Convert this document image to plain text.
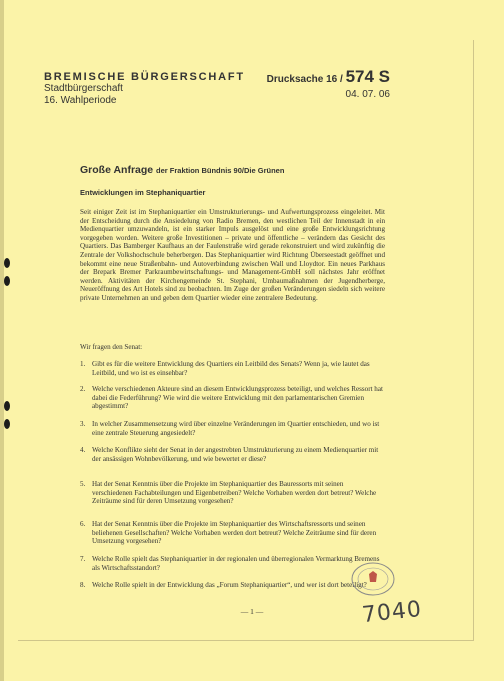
BREMISCHE BÜRGERSCHAFT
Stadtbürgerschaft
16. Wahlperiode
Drucksache 16 / 574 S
04. 07. 06
Große Anfrage der Fraktion Bündnis 90/Die Grünen
Entwicklungen im Stephaniquartier
Seit einiger Zeit ist im Stephaniquartier ein Umstrukturierungs- und Aufwertungsprozess eingeleitet. Mit der Entscheidung durch die Ansiedelung von Radio Bremen, den westlichen Teil der Innenstadt in ein Medienquartier umzuwandeln, ist ein starker Impuls ausgelöst und eine große Entwicklungsrichtung vorgegeben worden. Weitere große Investitionen – private und öffentliche – verändern das Gesicht des Quartiers. Das Bamberger Kaufhaus an der Faulenstraße wird gerade rekonstruiert und wird zukünftig die Zentrale der Volkshochschule beherbergen. Das Stephaniquartier wird Richtung Überseestadt geöffnet und bekommt eine neue Straßenbahn- und Autoverbindung zwischen Wall und Lloydtor. Ein neues Parkhaus der Brepark Bremer Parkraumbewirtschaftungs- und Management-GmbH soll nächstes Jahr eröffnet werden. Aktivitäten der Kirchengemeinde St. Stephani, Umbaumaßnahmen der Jugendherberge, Neueröffnung des Art Hotels sind zu beobachten. Im Zuge der großen Veränderungen siedeln sich weitere private Unternehmen an und geben dem Quartier wieder eine zentralere Bedeutung.
Wir fragen den Senat:
1. Gibt es für die weitere Entwicklung des Quartiers ein Leitbild des Senats? Wenn ja, wie lautet das Leitbild, und wo ist es einsehbar?
2. Welche verschiedenen Akteure sind an diesem Entwicklungsprozess beteiligt, und welches Ressort hat dabei die Federführung? Wie wird die weitere Entwicklung mit den parlamentarischen Gremien abgestimmt?
3. In welcher Zusammensetzung wird über einzelne Veränderungen im Quartier entschieden, und wo ist eine zentrale Steuerung angesiedelt?
4. Welche Konflikte sieht der Senat in der angestrebten Umstrukturierung zu einem Medienquartier mit der ansässigen Wohnbevölkerung, und wie bewertet er diese?
5. Hat der Senat Kenntnis über die Projekte im Stephaniquartier des Bauressorts mit seinen verschiedenen Fachabteilungen und Eigenbetreiben? Welche Vorhaben werden dort betreut? Welche Zeiträume sind für deren Umsetzung vorgesehen?
6. Hat der Senat Kenntnis über die Projekte im Stephaniquartier des Wirtschaftsressorts und seinen beliehenen Gesellschaften? Welche Vorhaben werden dort betreut? Welche Zeiträume sind für deren Umsetzung vorgesehen?
7. Welche Rolle spielt das Stephaniquartier in der regionalen und überregionalen Vermarktung Bremens als Wirtschaftsstandort?
8. Welche Rolle spielt in der Entwicklung das „Forum Stephaniquartier“, und wer ist dort beteiligt?
— 1 —	7040
